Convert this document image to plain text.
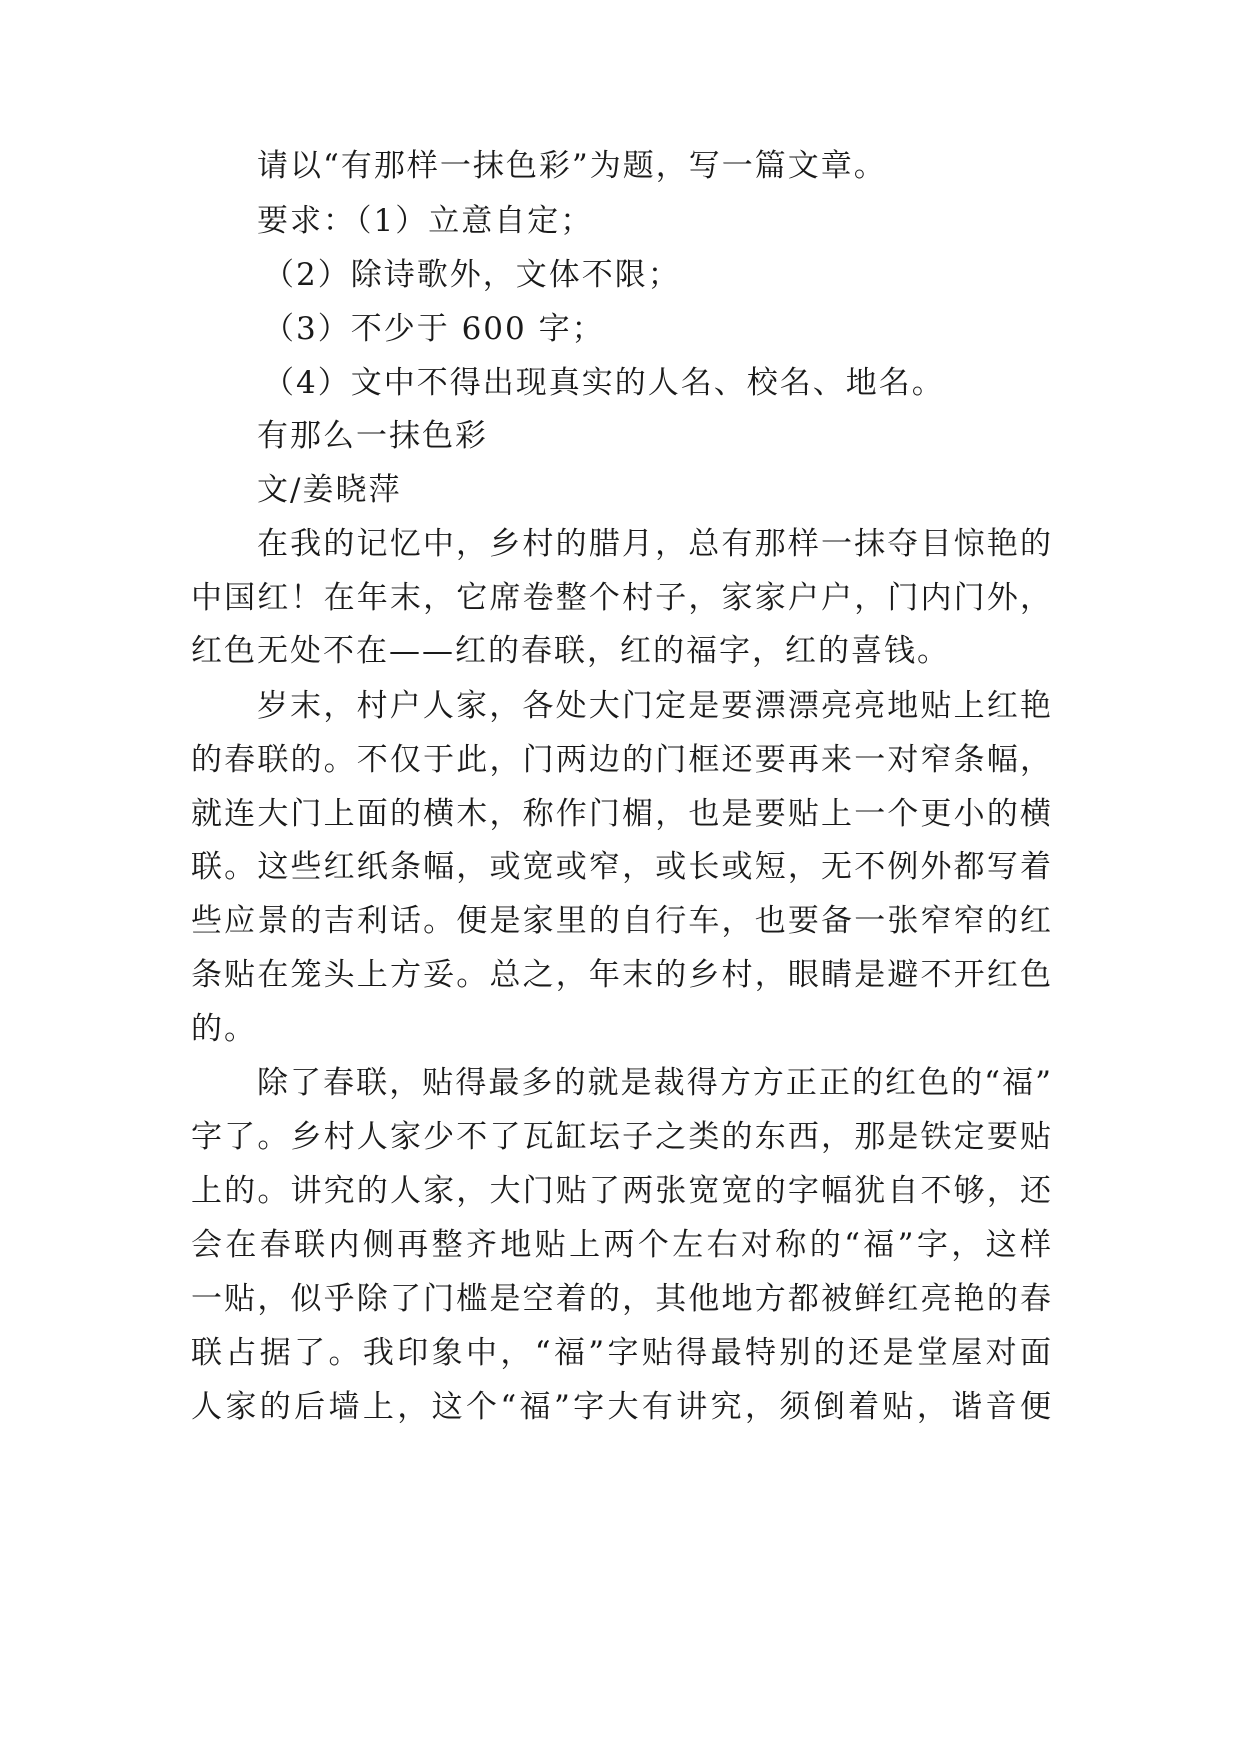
请以“有那样一抹色彩”为题，写一篇文章。
要求：（1）立意自定；
（2）除诗歌外，文体不限；
（3）不少于 600 字；
（4）文中不得出现真实的人名、校名、地名。
有那么一抹色彩
文/姜晓萍
在我的记忆中，乡村的腊月，总有那样一抹夺目惊艳的
中国红！在年末，它席卷整个村子，家家户户，门内门外，
红色无处不在——红的春联，红的福字，红的喜钱。
岁末，村户人家，各处大门定是要漂漂亮亮地贴上红艳
的春联的。不仅于此，门两边的门框还要再来一对窄条幅，
就连大门上面的横木，称作门楣，也是要贴上一个更小的横
联。这些红纸条幅，或宽或窄，或长或短，无不例外都写着
些应景的吉利话。便是家里的自行车，也要备一张窄窄的红
条贴在笼头上方妥。总之，年末的乡村，眼睛是避不开红色
的。
除了春联，贴得最多的就是裁得方方正正的红色的“福”
字了。乡村人家少不了瓦缸坛子之类的东西，那是铁定要贴
上的。讲究的人家，大门贴了两张宽宽的字幅犹自不够，还
会在春联内侧再整齐地贴上两个左右对称的“福”字，这样
一贴，似乎除了门槛是空着的，其他地方都被鲜红亮艳的春
联占据了。我印象中，“福”字贴得最特别的还是堂屋对面
人家的后墙上，这个“福”字大有讲究，须倒着贴，谐音便
